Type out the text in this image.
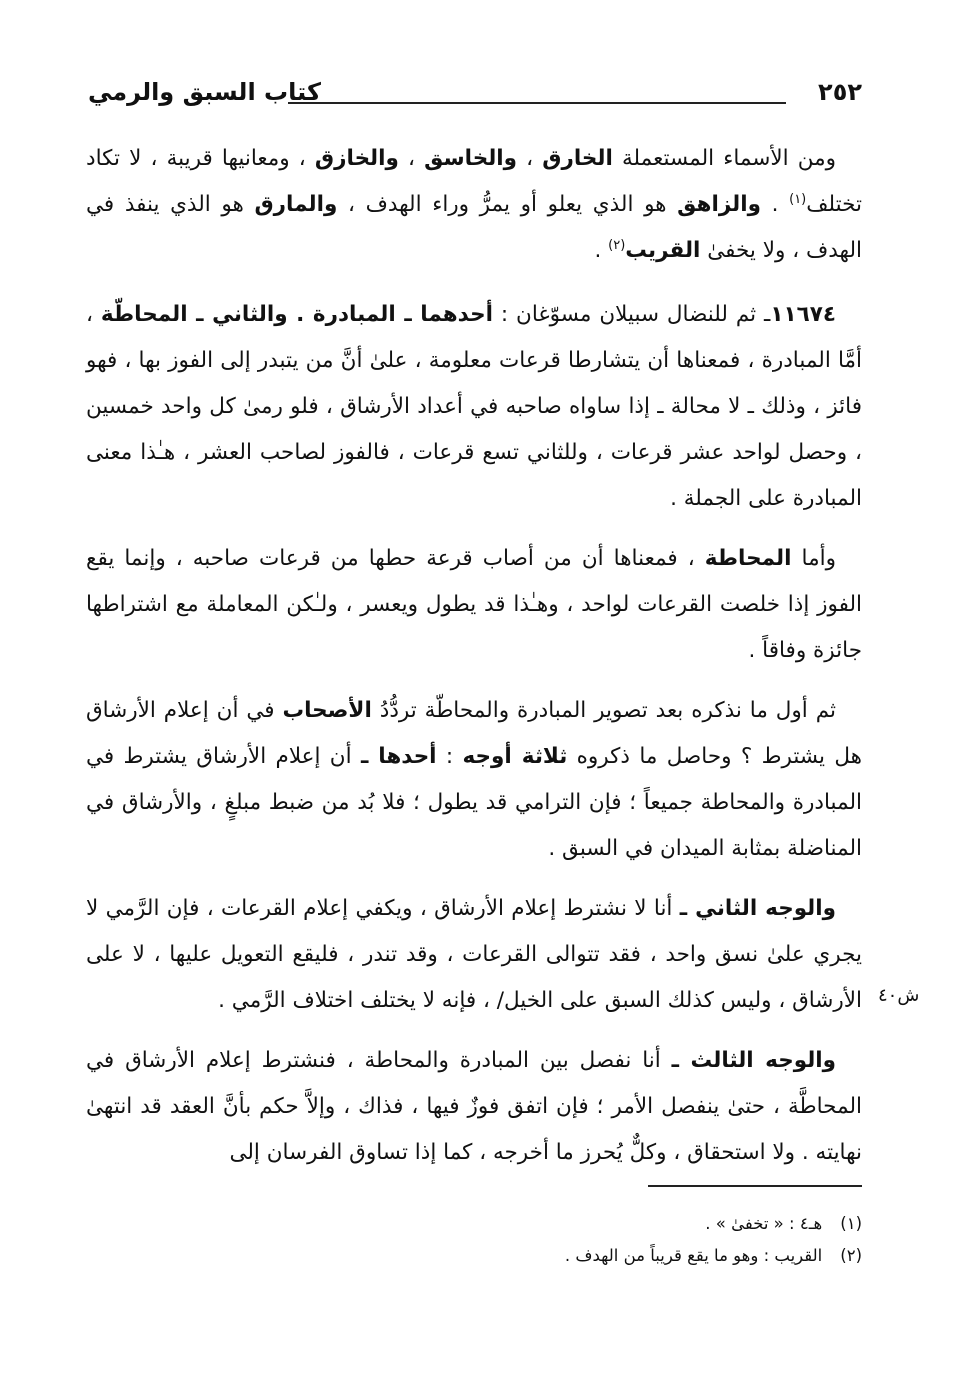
٢٥٢
كتاب السبق والرمي

ومن الأسماء المستعملة الخارق ، والخاسق ، والخازق ، ومعانيها قريبة ، لا تكاد تختلف$^{(١)}$ . والزاهق هو الذي يعلو أو يمرُّ وراء الهدف ، والمارق هو الذي ينفذ في الهدف ، ولا يخفىٰ القريب$^{(٢)}$ .

١١٦٧٤ـ ثم للنضال سبيلان مسوّغان : أحدهما ـ المبادرة . والثاني ـ المحاطّة ، أمَّا المبادرة ، فمعناها أن يتشارطا قرعات معلومة ، علىٰ أنَّ من يتبدر إلى الفوز بها ، فهو فائز ، وذلك ـ لا محالة ـ إذا ساواه صاحبه في أعداد الأرشاق ، فلو رمىٰ كل واحد خمسين ، وحصل لواحد عشر قرعات ، وللثاني تسع قرعات ، فالفوز لصاحب العشر ، هـٰذا معنى المبادرة على الجملة .

وأما المحاطة ، فمعناها أن من أصاب قرعة حطها من قرعات صاحبه ، وإنما يقع الفوز إذا خلصت القرعات لواحد ، وهـٰذا قد يطول ويعسر ، ولـٰكن المعاملة مع اشتراطها جائزة وفاقاً .

ثم أول ما نذكره بعد تصوير المبادرة والمحاطّة تردُّدُ الأصحاب في أن إعلام الأرشاق هل يشترط ؟ وحاصل ما ذكروه ثلاثة أوجه : أحدها ـ أن إعلام الأرشاق يشترط في المبادرة والمحاطة جميعاً ؛ فإن الترامي قد يطول ؛ فلا بُد من ضبط مبلغٍ ، والأرشاق في المناضلة بمثابة الميدان في السبق .

والوجه الثاني ـ أنا لا نشترط إعلام الأرشاق ، ويكفي إعلام القرعات ، فإن الرَّمي لا يجري علىٰ نسق واحد ، فقد تتوالى القرعات ، وقد تندر ، فليقع التعويل عليها ، لا على الأرشاق ، وليس كذلك السبق على الخيل/ ، فإنه لا يختلف اختلاف الرَّمي .

والوجه الثالث ـ أنا نفصل بين المبادرة والمحاطة ، فنشترط إعلام الأرشاق في المحاطَّة ، حتىٰ ينفصل الأمر ؛ فإن اتفق فوزٌ فيها ، فذاك ، وإلاَّ حكم بأنَّ العقد قد انتهىٰ نهايته . ولا استحقاق ، وكلٌّ يُحرز ما أخرجه ، كما إذا تساوق الفرسان إلى

ش٤٠

(١)هـ٤ : « تخفىٰ » .

(٢)القريب : وهو ما يقع قريباً من الهدف .
